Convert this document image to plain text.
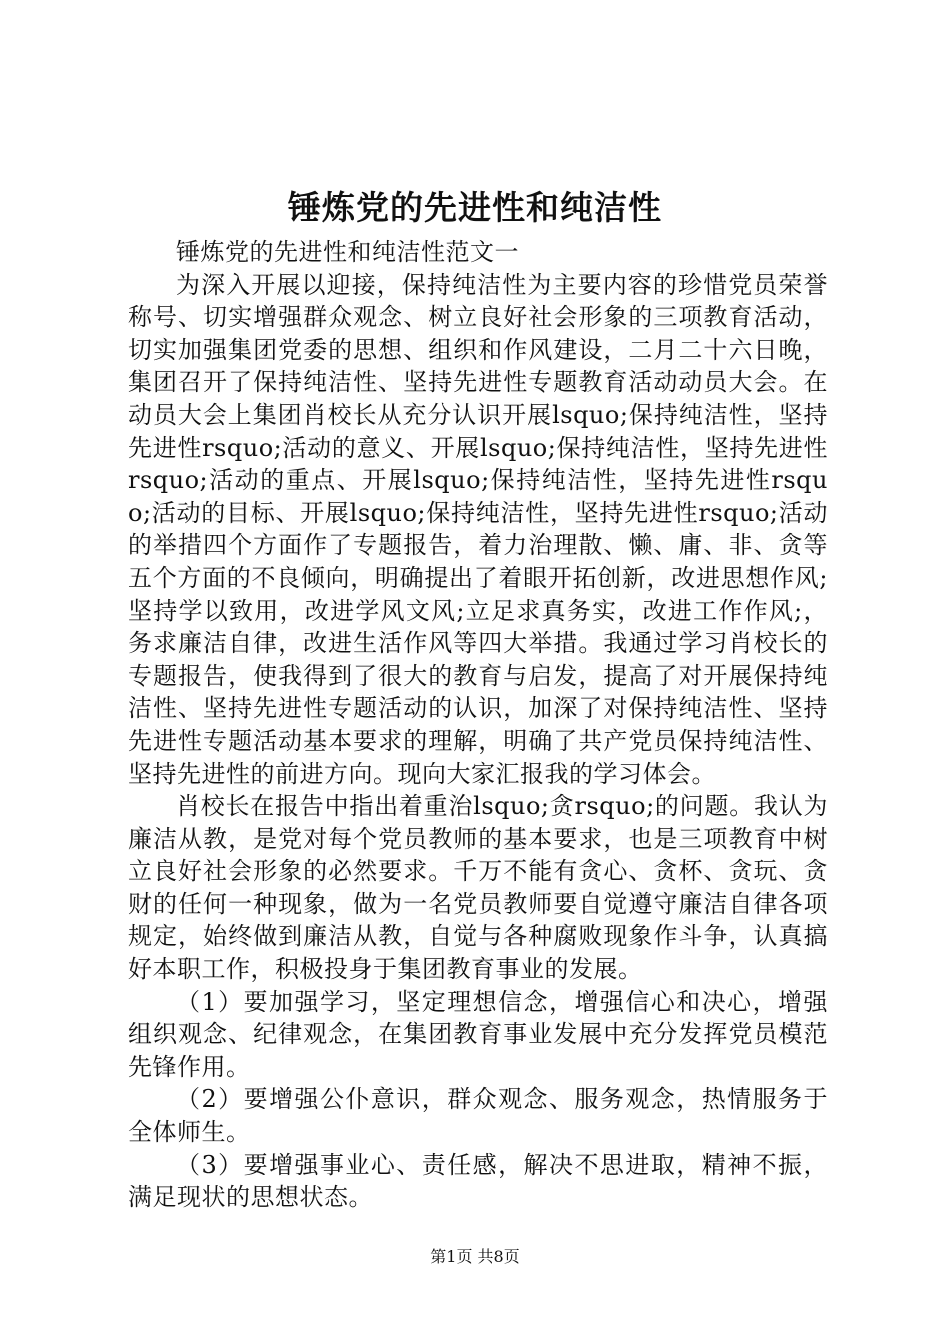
锤炼党的先进性和纯洁性

锤炼党的先进性和纯洁性范文一

为深入开展以迎接，保持纯洁性为主要内容的珍惜党员荣誉称号、切实增强群众观念、树立良好社会形象的三项教育活动，切实加强集团党委的思想、组织和作风建设，二月二十六日晚，集团召开了保持纯洁性、坚持先进性专题教育活动动员大会。在动员大会上集团肖校长从充分认识开展lsquo;保持纯洁性，坚持先进性rsquo;活动的意义、开展lsquo;保持纯洁性，坚持先进性rsquo;活动的重点、开展lsquo;保持纯洁性，坚持先进性rsquo;活动的目标、开展lsquo;保持纯洁性，坚持先进性rsquo;活动的举措四个方面作了专题报告，着力治理散、懒、庸、非、贪等五个方面的不良倾向，明确提出了着眼开拓创新，改进思想作风;坚持学以致用，改进学风文风;立足求真务实，改进工作作风;，务求廉洁自律，改进生活作风等四大举措。我通过学习肖校长的专题报告，使我得到了很大的教育与启发，提高了对开展保持纯洁性、坚持先进性专题活动的认识，加深了对保持纯洁性、坚持先进性专题活动基本要求的理解，明确了共产党员保持纯洁性、坚持先进性的前进方向。现向大家汇报我的学习体会。

肖校长在报告中指出着重治lsquo;贪rsquo;的问题。我认为廉洁从教，是党对每个党员教师的基本要求，也是三项教育中树立良好社会形象的必然要求。千万不能有贪心、贪杯、贪玩、贪财的任何一种现象，做为一名党员教师要自觉遵守廉洁自律各项规定，始终做到廉洁从教，自觉与各种腐败现象作斗争，认真搞好本职工作，积极投身于集团教育事业的发展。

（1）要加强学习，坚定理想信念，增强信心和决心，增强组织观念、纪律观念，在集团教育事业发展中充分发挥党员模范先锋作用。

（2）要增强公仆意识，群众观念、服务观念，热情服务于全体师生。

（3）要增强事业心、责任感，解决不思进取，精神不振，满足现状的思想状态。

第1页 共8页
